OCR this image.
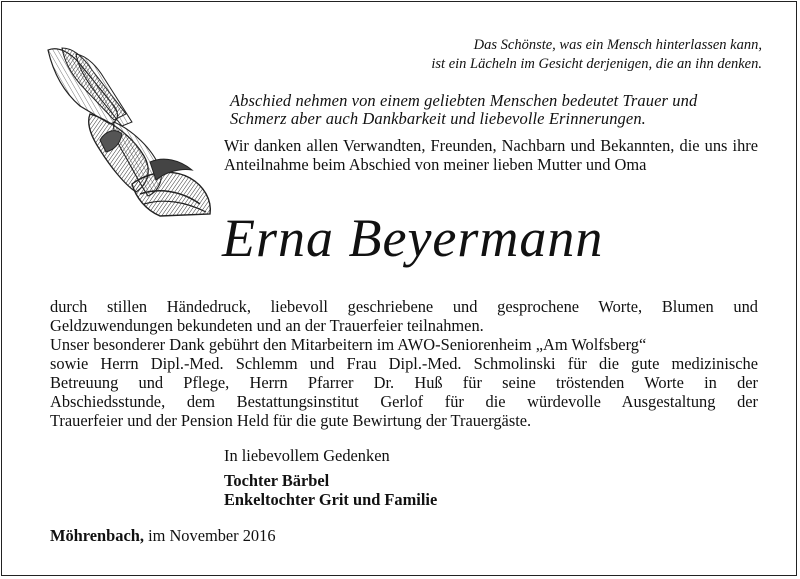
Das Schönste, was ein Mensch hinterlassen kann,
ist ein Lächeln im Gesicht derjenigen, die an ihn denken.
Abschied nehmen von einem geliebten Menschen bedeutet Trauer und
Schmerz aber auch Dankbarkeit und liebevolle Erinnerungen.
Wir danken allen Verwandten, Freunden, Nachbarn und Bekannten, die uns ihre Anteilnahme beim Abschied von meiner lieben Mutter und Oma
Erna Beyermann
durch stillen Händedruck, liebevoll geschriebene und gesprochene Worte, Blumen und
Geldzuwendungen bekundeten und an der Trauerfeier teilnahmen.
Unser besonderer Dank gebührt den Mitarbeitern im AWO-Seniorenheim „Am Wolfsberg“
sowie Herrn Dipl.-Med. Schlemm und Frau Dipl.-Med. Schmolinski für die gute medizinische
Betreuung und Pflege, Herrn Pfarrer Dr. Huß für seine tröstenden Worte in der
Abschiedsstunde, dem Bestattungsinstitut Gerlof für die würdevolle Ausgestaltung der
Trauerfeier und der Pension Held für die gute Bewirtung der Trauergäste.
In liebevollem Gedenken
Tochter Bärbel
Enkeltochter Grit und Familie
Möhrenbach, im November 2016
